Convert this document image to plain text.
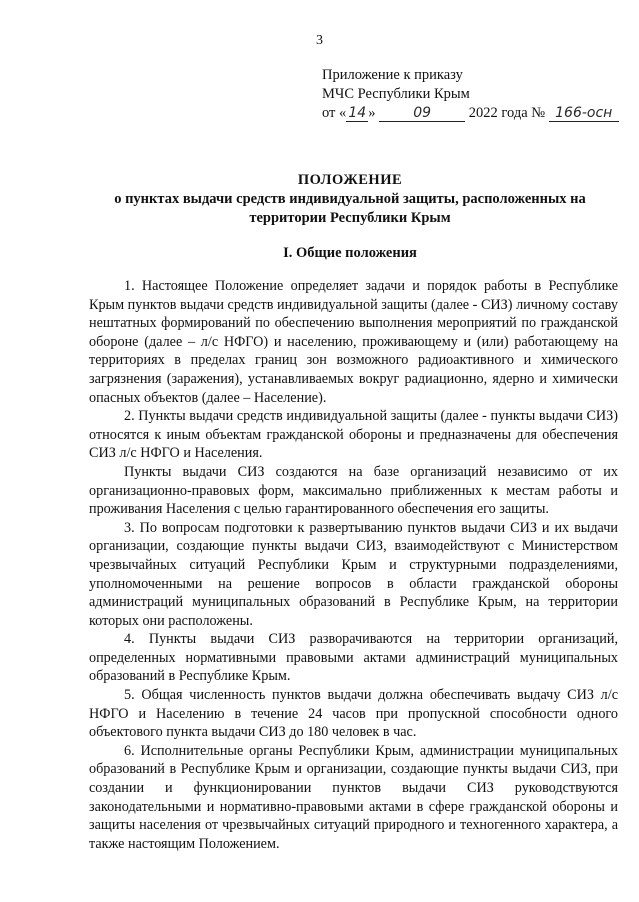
3
Приложение к приказу
МЧС Республики Крым
от « 14 »	09	2022 года № 166-осн
ПОЛОЖЕНИЕ
о пунктах выдачи средств индивидуальной защиты, расположенных на
территории Республики Крым
I. Общие положения

1. Настоящее Положение определяет задачи и порядок работы в Республике Крым пунктов выдачи средств индивидуальной защиты (далее - СИЗ) личному составу нештатных формирований по обеспечению выполнения мероприятий по гражданской обороне (далее – л/с НФГО) и населению, проживающему и (или) работающему на территориях в пределах границ зон возможного радиоактивного и химического загрязнения (заражения), устанавливаемых вокруг радиационно, ядерно и химически опасных объектов (далее – Население).

2. Пункты выдачи средств индивидуальной защиты (далее - пункты выдачи СИЗ) относятся к иным объектам гражданской обороны и предназначены для обеспечения СИЗ л/с НФГО и Населения.

Пункты выдачи СИЗ создаются на базе организаций независимо от их организационно-правовых форм, максимально приближенных к местам работы и проживания Населения с целью гарантированного обеспечения его защиты.

3. По вопросам подготовки к развертыванию пунктов выдачи СИЗ и их выдачи организации, создающие пункты выдачи СИЗ, взаимодействуют с Министерством чрезвычайных ситуаций Республики Крым и структурными подразделениями, уполномоченными на решение вопросов в области гражданской обороны администраций муниципальных образований в Республике Крым, на территории которых они расположены.

4. Пункты выдачи СИЗ разворачиваются на территории организаций, определенных нормативными правовыми актами администраций муниципальных образований в Республике Крым.

5. Общая численность пунктов выдачи должна обеспечивать выдачу СИЗ л/с НФГО и Населению в течение 24 часов при пропускной способности одного объектового пункта выдачи СИЗ до 180 человек в час.

6. Исполнительные органы Республики Крым, администрации муниципальных образований в Республике Крым и организации, создающие пункты выдачи СИЗ, при создании и функционировании пунктов выдачи СИЗ руководствуются законодательными и нормативно-правовыми актами в сфере гражданской обороны и защиты населения от чрезвычайных ситуаций природного и техногенного характера, а также настоящим Положением.
